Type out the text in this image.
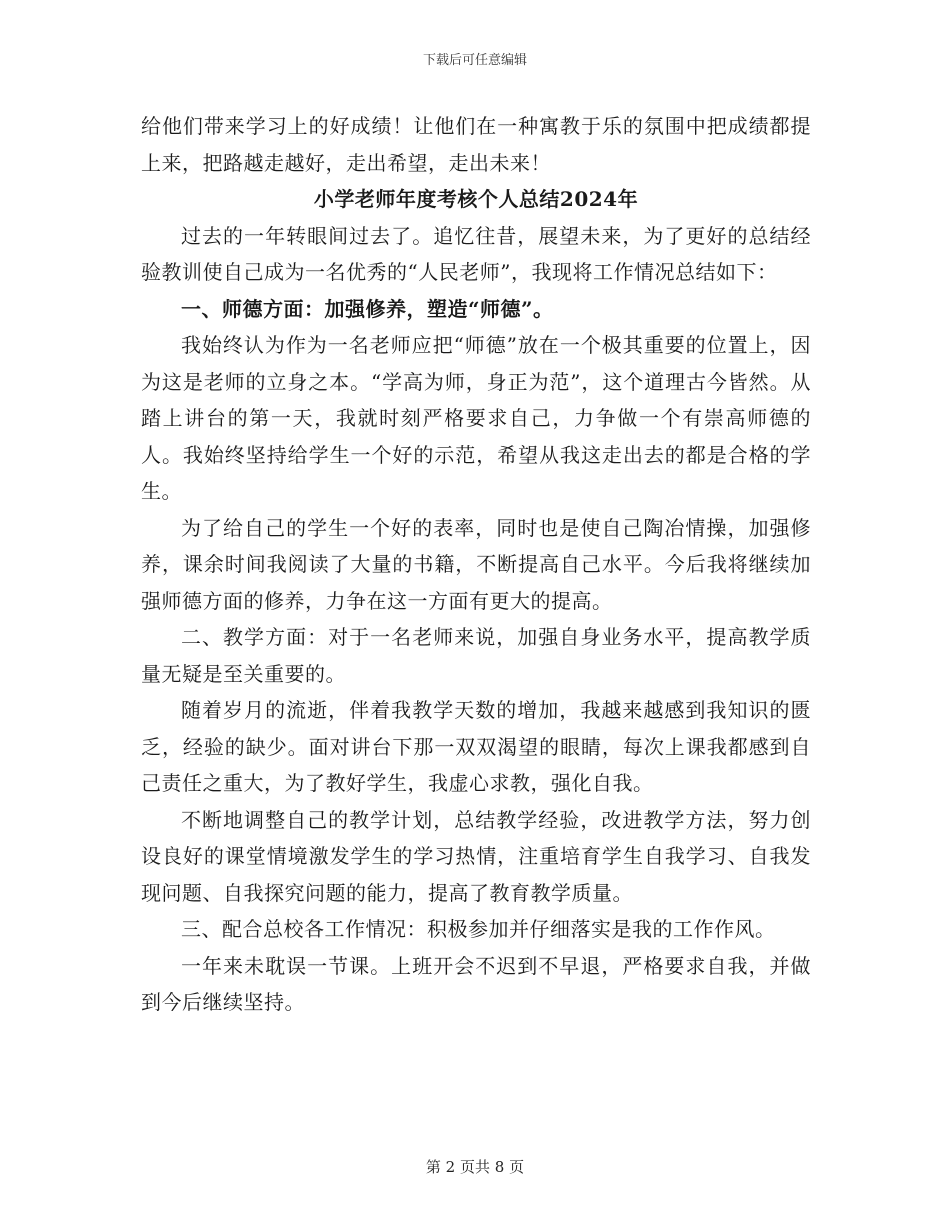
下载后可任意编辑

给他们带来学习上的好成绩！让他们在一种寓教于乐的氛围中把成绩都提上来，把路越走越好，走出希望，走出未来！

小学老师年度考核个人总结2024年

过去的一年转眼间过去了。追忆往昔，展望未来，为了更好的总结经验教训使自己成为一名优秀的“人民老师”，我现将工作情况总结如下：

一、师德方面：加强修养，塑造“师德”。

我始终认为作为一名老师应把“师德”放在一个极其重要的位置上，因为这是老师的立身之本。“学高为师，身正为范”，这个道理古今皆然。从踏上讲台的第一天，我就时刻严格要求自己，力争做一个有崇高师德的人。我始终坚持给学生一个好的示范，希望从我这走出去的都是合格的学生。

为了给自己的学生一个好的表率，同时也是使自己陶冶情操，加强修养，课余时间我阅读了大量的书籍，不断提高自己水平。今后我将继续加强师德方面的修养，力争在这一方面有更大的提高。

二、教学方面：对于一名老师来说，加强自身业务水平，提高教学质量无疑是至关重要的。

随着岁月的流逝，伴着我教学天数的增加，我越来越感到我知识的匮乏，经验的缺少。面对讲台下那一双双渴望的眼睛，每次上课我都感到自己责任之重大，为了教好学生，我虚心求教，强化自我。

不断地调整自己的教学计划，总结教学经验，改进教学方法，努力创设良好的课堂情境激发学生的学习热情，注重培育学生自我学习、自我发现问题、自我探究问题的能力，提高了教育教学质量。

三、配合总校各工作情况：积极参加并仔细落实是我的工作作风。

一年来未耽误一节课。上班开会不迟到不早退，严格要求自我，并做到今后继续坚持。

第 2 页共 8 页
